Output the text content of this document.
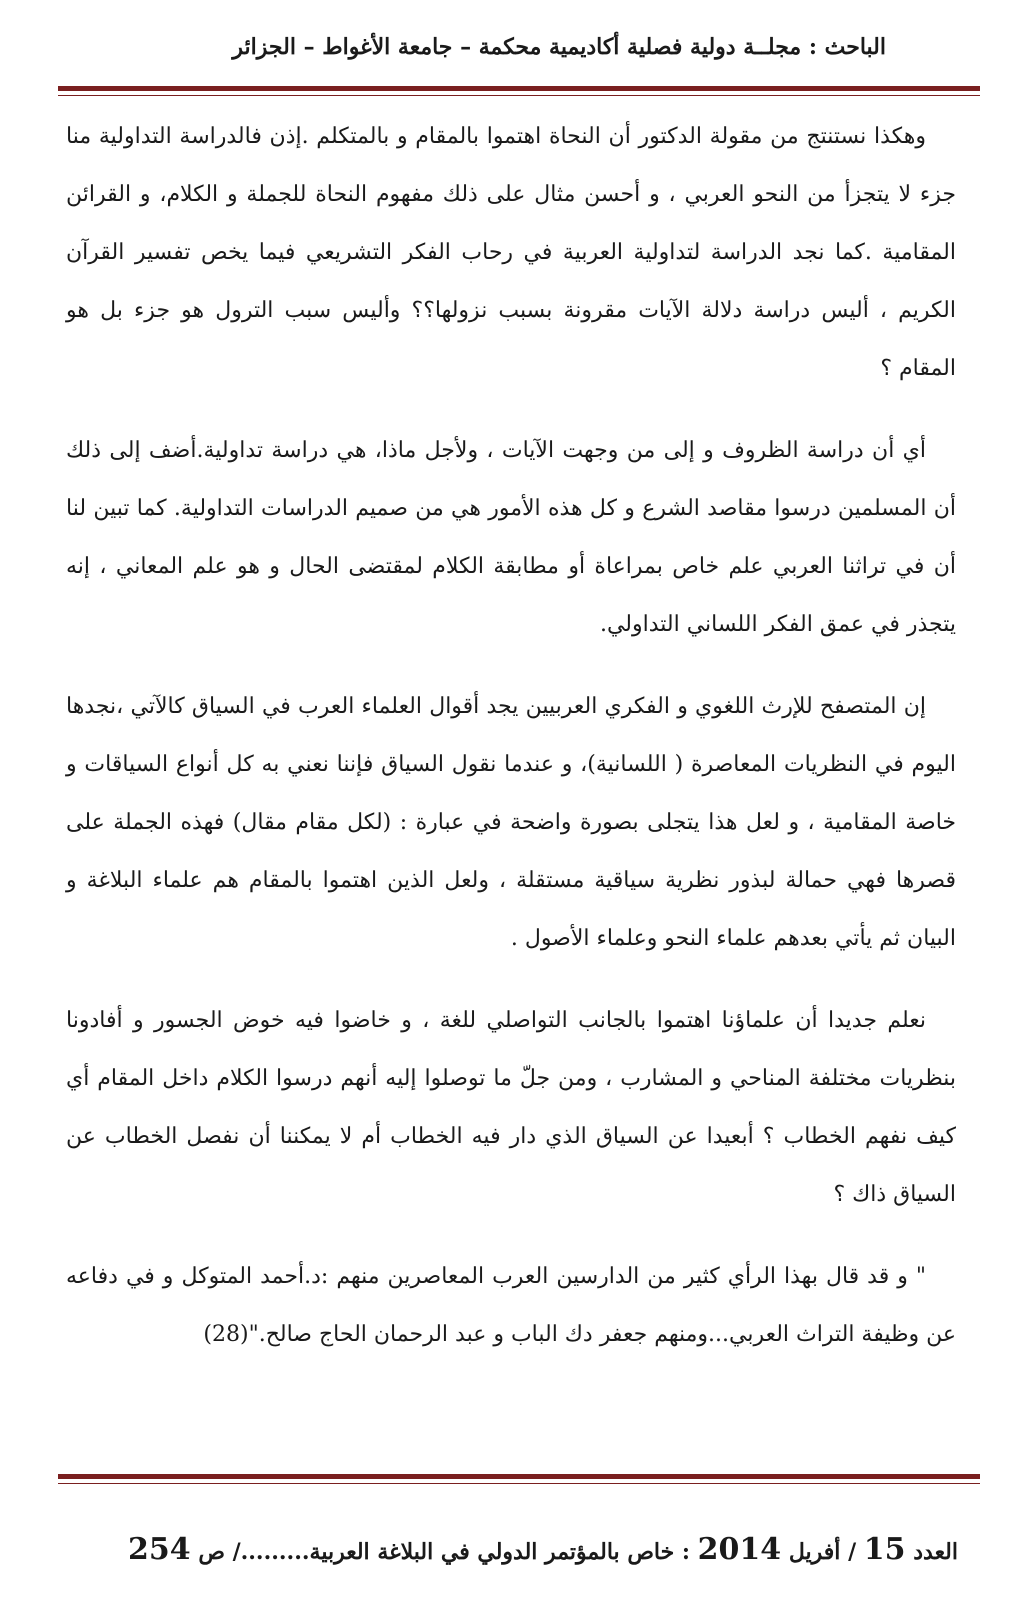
الباحث : مجلــة دولية فصلية أكاديمية محكمة – جامعة الأغواط – الجزائر

وهكذا نستنتج من مقولة الدكتور أن النحاة اهتموا بالمقام و بالمتكلم .إذن فالدراسة التداولية منا جزء لا يتجزأ من النحو العربي ، و أحسن مثال على ذلك مفهوم النحاة للجملة و الكلام، و القرائن المقامية .كما نجد الدراسة لتداولية العربية في رحاب الفكر التشريعي فيما يخص تفسير القرآن الكريم ، أليس دراسة دلالة الآيات مقرونة بسبب نزولها؟؟ وأليس سبب الترول هو جزء بل هو المقام ؟

أي أن دراسة الظروف و إلى من وجهت الآيات ، ولأجل ماذا، هي دراسة تداولية.أضف إلى ذلك أن المسلمين درسوا مقاصد الشرع و كل هذه الأمور هي من صميم الدراسات التداولية. كما تبين لنا أن في تراثنا العربي علم خاص بمراعاة أو مطابقة الكلام لمقتضى الحال و هو علم المعاني ، إنه يتجذر في عمق الفكر اللساني التداولي.

إن المتصفح للإرث اللغوي و الفكري العربيين يجد أقوال العلماء العرب في السياق كالآتي ،نجدها اليوم في النظريات المعاصرة ( اللسانية)، و عندما نقول السياق فإننا نعني به كل أنواع السياقات و خاصة المقامية ، و لعل هذا يتجلى بصورة واضحة في عبارة : (لكل مقام مقال) فهذه الجملة على قصرها فهي حمالة لبذور نظرية سياقية مستقلة ، ولعل الذين اهتموا بالمقام هم علماء البلاغة و البيان ثم يأتي بعدهم علماء النحو وعلماء الأصول .

نعلم جديدا أن علماؤنا اهتموا بالجانب التواصلي للغة ، و خاضوا فيه خوض الجسور و أفادونا بنظريات مختلفة المناحي و المشارب ، ومن جلّ ما توصلوا إليه أنهم درسوا الكلام داخل المقام أي كيف نفهم الخطاب ؟ أبعيدا عن السياق الذي دار فيه الخطاب أم لا يمكننا أن نفصل الخطاب عن السياق ذاك ؟

" و قد قال بهذا الرأي كثير من الدارسين العرب المعاصرين منهم :د.أحمد المتوكل و في دفاعه عن وظيفة التراث العربي...ومنهم جعفر دك الباب و عبد الرحمان الحاج صالح."(28)

العدد 15 / أفريل 2014 : خاص بالمؤتمر الدولي في البلاغة العربية........./ ص 254
